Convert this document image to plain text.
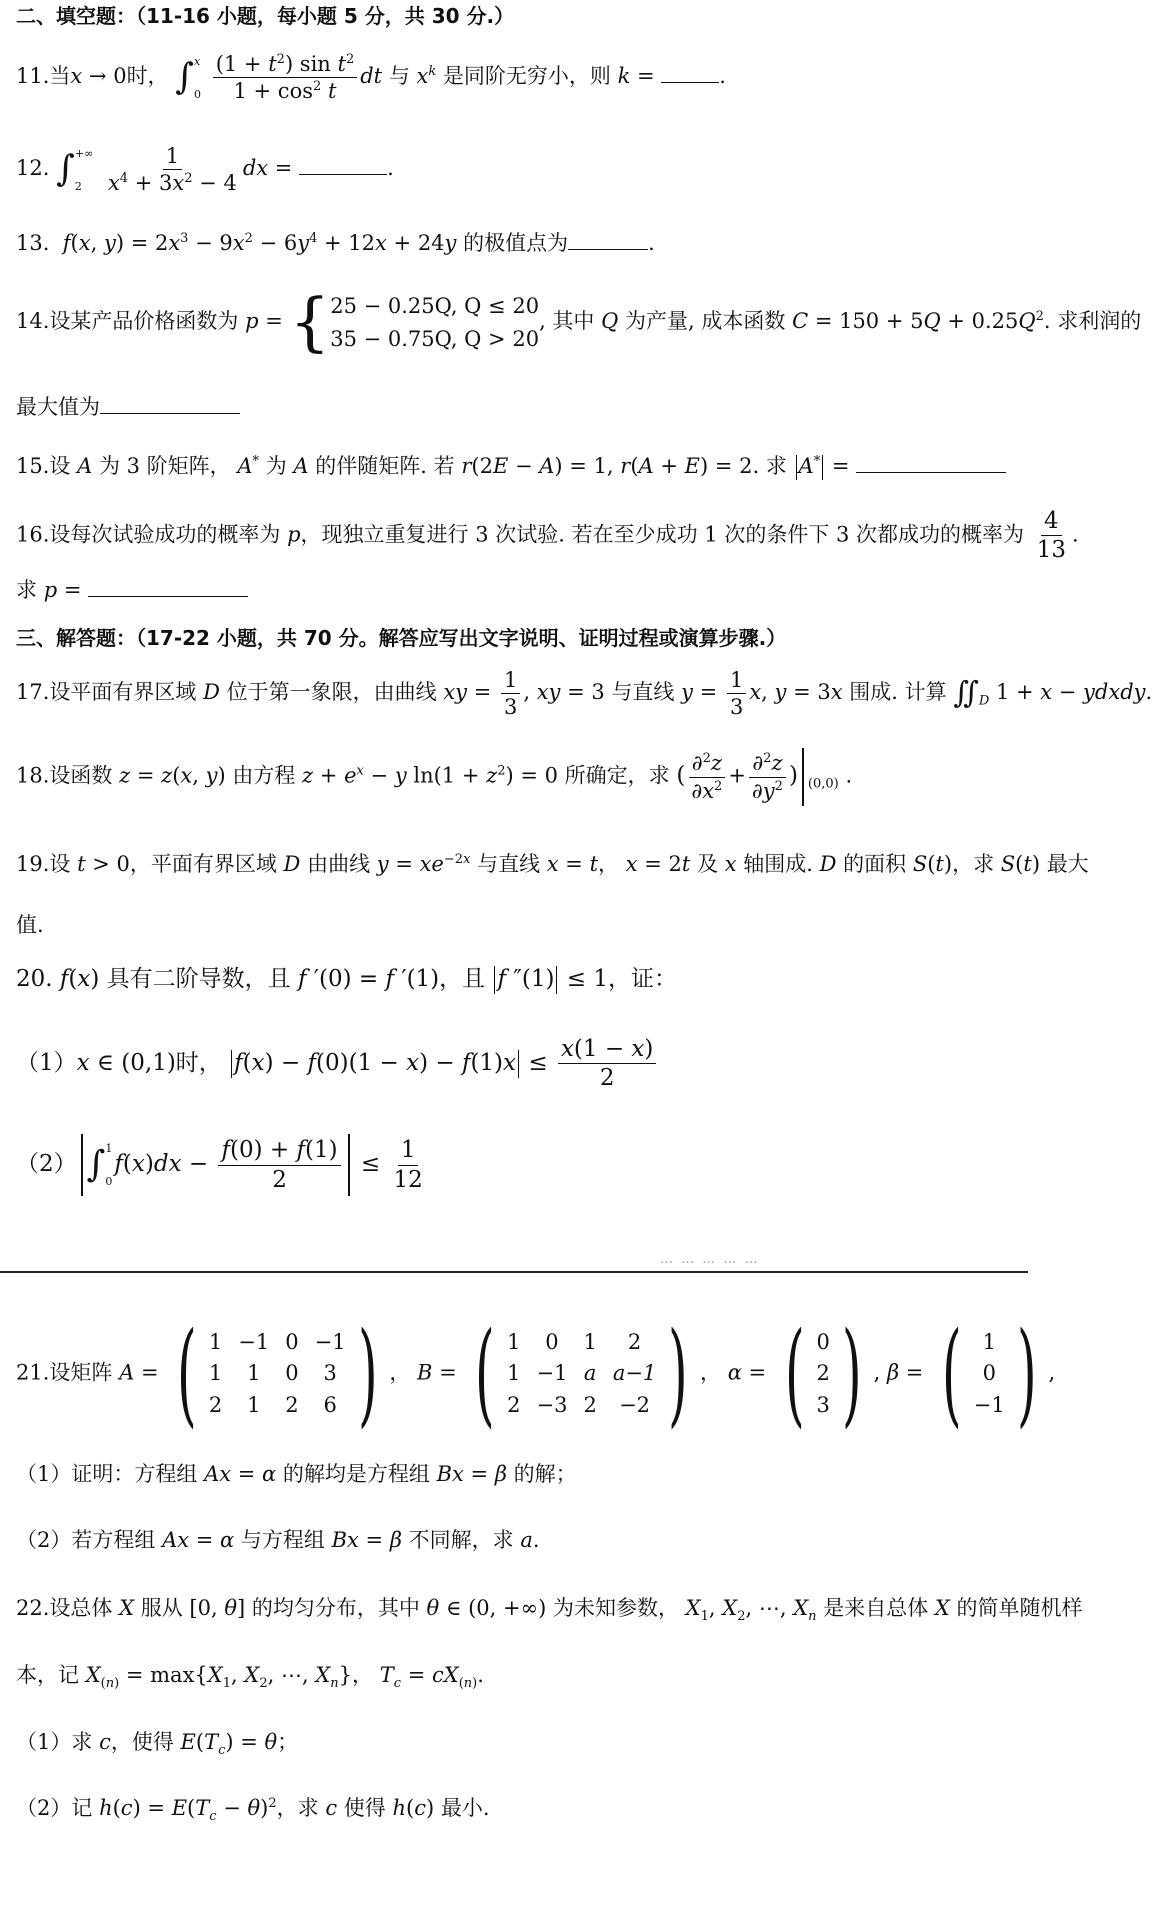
二、填空题：（11-16 小题，每小题 5 分，共 30 分.）
11.当x → 0时， ∫ x
0
$\frac{(1 + t^2) \sin t^2}{1 + \cos^2 t}$ dt 与 $x^k$ 是同阶无穷小，则 k =	.
12. ∫ +∞
2
	$\frac{1}{x^4 + 3x^2 - 4}$ dx =	.
13. f(x, $y) = 2x^3 - 9x^2 - 6y^4 + 12x + 24y$ 的极值点为	.
14.设某产品价格函数为 p = { 25 − 0.25Q, Q ≤ 20
35 − 0.75Q, Q > 20
, 其中 Q 为产量, 成本函数 $C = 150 + 5Q + 0.25Q^2$. 求利润的
最大值为
15.设 A 为 3 阶矩阵， A* 为 A 的伴随矩阵. 若 r(2E − A) = 1, r(A + E) = 2. 求 A* =
16.设每次试验成功的概率为 p，现独立重复进行 3 次试验. 若在至少成功 1 次的条件下 3 次都成功的概率为 $\frac{4}{13}$ .
求 p =
三、解答题：（17-22 小题，共 70 分。解答应写出文字说明、证明过程或演算步骤.）
17.设平面有界区域 D 位于第一象限，由曲线 xy = $\frac{1}{3}$ , xy = 3 与直线 $y = \frac{1}{3} x$, y = 3x 围成. 计算 $∬_D$ 1 + x − ydxdy.
18.设函数 z = z(x, y) 由方程 $z + e^x - y$ $\ln(1 + z^2) = 0$ 所确定，求 ( $\frac{\partial^2z}{\partial x^2} + \frac{\partial^2z}{\partial y^2}$ ) $_{(0,0)}$ .
19.设 t > 0，平面有界区域 D 由曲线 $y = xe^{-2x}$ 与直线 x = t， x = 2t 及 x 轴围成. D 的面积 S(t)，求 S(t) 最大
值.
20. f(x) 具有二阶导数，且 f ′(0) = f ′(1)，且 f ″(1) ≤ 1，证：
（1）x ∈ (0,1)时， $f(x) - f(0)(1 - x) - f(1)x \le \frac{x(1 - x)}{2}$
（2） ∫ 1
0
$f(x)dx - \frac{f(0) + f(1)}{2} \le \frac{1}{12}$
… … … … …
21.设矩阵 A = ( 1 −1 0 −1
1	1	0	3
2	1	2	6 ) ， B = ( 1	0	1	2
1 −1 a a−1
2 −3 2 −2 ) ， α = ( 0
2
3 ) , β = ( 1
0
−1 ) ,
（1）证明：方程组 Ax = α 的解均是方程组 Bx = β 的解；
（2）若方程组 Ax = α 与方程组 Bx = β 不同解，求 a.
22.设总体 X 服从 [0, θ] 的均匀分布，其中 θ ∈ (0, +∞) 为未知参数， $X_1$, $X_2$, ⋯, $X_n$ 是来自总体 X 的简单随机样
本，记 $X_{(n)} = \max\{X_1$, $X_2$, ⋯, $X_n$}， $T_c = cX_{(n)}$.
（1）求 c，使得 $E(T_c) = \theta$；
（2）记 $h(c) = E(T_c - \theta)^2$，求 c 使得 h(c) 最小.
